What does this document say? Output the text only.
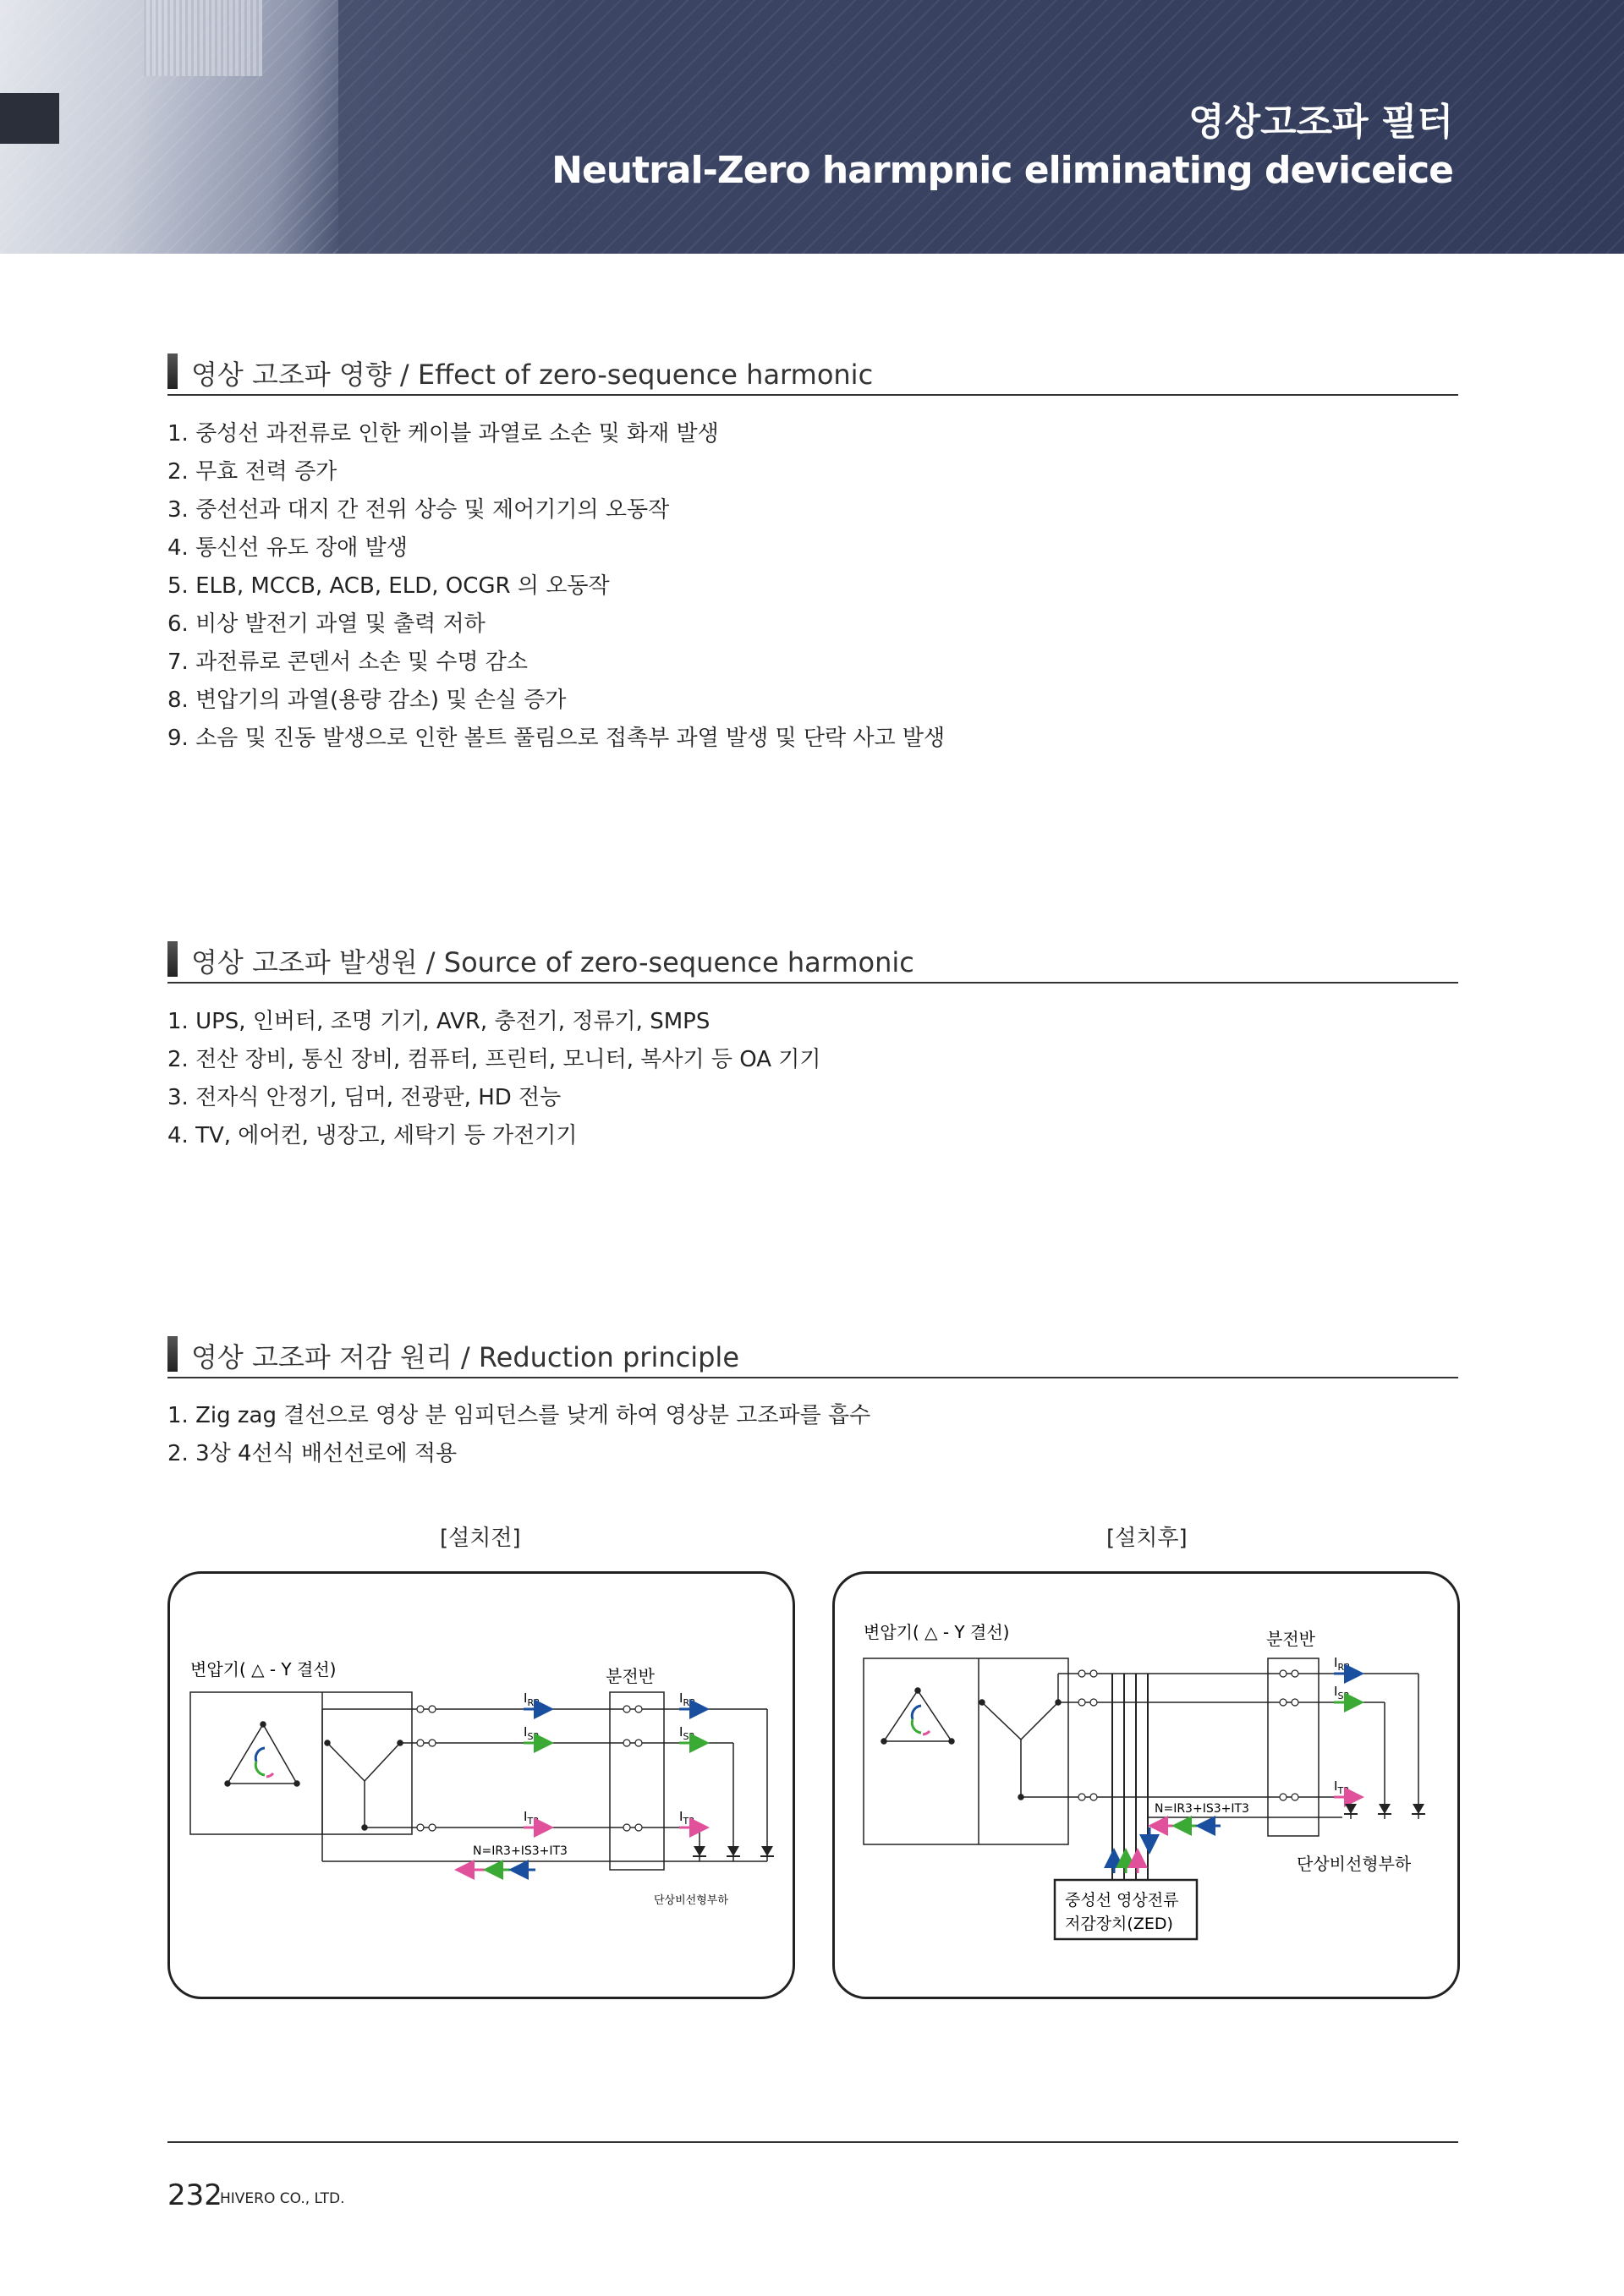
영상고조파 필터
Neutral-Zero harmpnic eliminating deviceice
영상 고조파 영향 / Effect of zero-sequence harmonic
1. 중성선 과전류로 인한 케이블 과열로 소손 및 화재 발생
2. 무효 전력 증가
3. 중선선과 대지 간 전위 상승 및 제어기기의 오동작
4. 통신선 유도 장애 발생
5. ELB, MCCB, ACB, ELD, OCGR 의 오동작
6. 비상 발전기 과열 및 출력 저하
7. 과전류로 콘덴서 소손 및 수명 감소
8. 변압기의 과열(용량 감소) 및 손실 증가
9. 소음 및 진동 발생으로 인한 볼트 풀림으로 접촉부 과열 발생 및 단락 사고 발생
영상 고조파 발생원 / Source of zero-sequence harmonic
1. UPS, 인버터, 조명 기기, AVR, 충전기, 정류기, SMPS
2. 전산 장비, 통신 장비, 컴퓨터, 프린터, 모니터, 복사기 등 OA 기기
3. 전자식 안정기, 딤머, 전광판, HD 전능
4. TV, 에어컨, 냉장고, 세탁기 등 가전기기
영상 고조파 저감 원리 / Reduction principle
1. Zig zag 결선으로 영상 분 임피던스를 낮게 하여 영상분 고조파를 흡수
2. 3상 4선식 배선선로에 적용
[설치전]	[설치후]
변압기( △ - Y 결선)	분전반
$I_{R3}$
$I_{S3}$
$I_{T3}$
$I_{R3}$
$I_{S3}$
$I_{T3}$
N=IR3+IS3+IT3
단상비선형부하
변압기( △ - Y 결선)	분전반
중성선 영상전류
저감장치(ZED)
$I_{R3}$
$I_{S3}$
$I_{T3}$
N=IR3+IS3+IT3
단상비선형부하
232
HIVERO CO., LTD.
